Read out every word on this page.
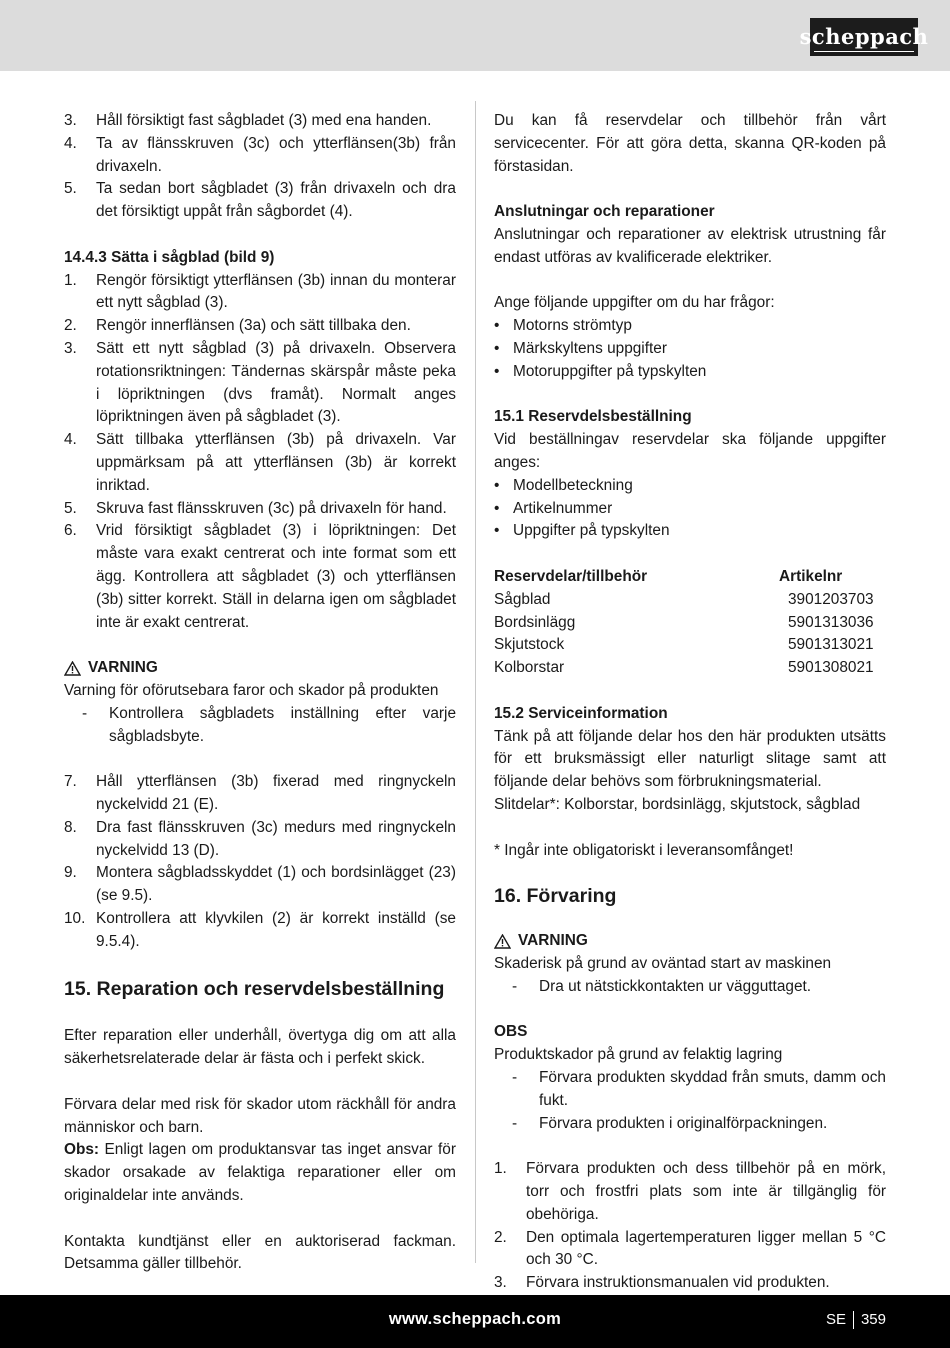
scheppach
3.	Håll försiktigt fast sågbladet (3) med ena handen.
4.	Ta av flänsskruven (3c) och ytterflänsen(3b) från drivaxeln.
5.	Ta sedan bort sågbladet (3) från drivaxeln och dra det försiktigt uppåt från sågbordet (4).

14.4.3 Sätta i sågblad (bild 9)

1.	Rengör försiktigt ytterflänsen (3b) innan du monterar ett nytt sågblad (3).
2.	Rengör innerflänsen (3a) och sätt tillbaka den.
3.	Sätt ett nytt sågblad (3) på drivaxeln. Observera rotationsriktningen: Tändernas skärspår måste peka i löpriktningen (dvs framåt). Normalt anges löpriktningen även på sågbladet (3).
4.	Sätt tillbaka ytterflänsen (3b) på drivaxeln. Var uppmärksam på att ytterflänsen (3b) är korrekt inriktad.
5.	Skruva fast flänsskruven (3c) på drivaxeln för hand.
6.	Vrid försiktigt sågbladet (3) i löpriktningen: Det måste vara exakt centrerat och inte format som ett ägg. Kontrollera att sågbladet (3) och ytterflänsen (3b) sitter korrekt. Ställ in delarna igen om sågbladet inte är exakt centrerat.
VARNING

Varning för oförutsebara faror och skador på produkten

-	Kontrollera sågbladets inställning efter varje sågbladsbyte.
7.	Håll ytterflänsen (3b) fixerad med ringnyckeln nyckelvidd 21 (E).
8.	Dra fast flänsskruven (3c) medurs med ringnyckeln nyckelvidd 13 (D).
9.	Montera sågbladsskyddet (1) och bordsinlägget (23) (se 9.5).
10. Kontrollera att klyvkilen (2) är korrekt inställd (se 9.5.4).

15. Reparation och reservdelsbeställning

Efter reparation eller underhåll, övertyga dig om att alla säkerhetsrelaterade delar är fästa och i perfekt skick.

Förvara delar med risk för skador utom räckhåll för andra människor och barn.

Obs: Enligt lagen om produktansvar tas inget ansvar för skador orsakade av felaktiga reparationer eller om originaldelar inte används.

Kontakta kundtjänst eller en auktoriserad fackman. Detsamma gäller tillbehör.

Du kan få reservdelar och tillbehör från vårt servicecenter. För att göra detta, skanna QR-koden på förstasidan.

Anslutningar och reparationer

Anslutningar och reparationer av elektrisk utrustning får endast utföras av kvalificerade elektriker.

Ange följande uppgifter om du har frågor:

• Motorns strömtyp
• Märkskyltens uppgifter
• Motoruppgifter på typskylten

15.1 Reservdelsbeställning

Vid beställningav reservdelar ska följande uppgifter anges:

• Modellbeteckning
• Artikelnummer
• Uppgifter på typskylten
Reservdelar/tillbehör	Artikelnr
Sågblad	3901203703
Bordsinlägg	5901313036
Skjutstock	5901313021
Kolborstar	5901308021

15.2 Serviceinformation

Tänk på att följande delar hos den här produkten utsätts för ett bruksmässigt eller naturligt slitage samt att följande delar behövs som förbrukningsmaterial.

Slitdelar*: Kolborstar, bordsinlägg, skjutstock, sågblad

* Ingår inte obligatoriskt i leveransomfånget!

16. Förvaring

VARNING

Skaderisk på grund av oväntad start av maskinen

-	Dra ut nätstickkontakten ur vägguttaget.

OBS

Produktskador på grund av felaktig lagring

-	Förvara produkten skyddad från smuts, damm och fukt.
-	Förvara produkten i originalförpackningen.
1.	Förvara produkten och dess tillbehör på en mörk, torr och frostfri plats som inte är tillgänglig för obehöriga.
2.	Den optimala lagertemperaturen ligger mellan 5 °C och 30 °C.
3.	Förvara instruktionsmanualen vid produkten.
www.scheppach.com	SE 359
